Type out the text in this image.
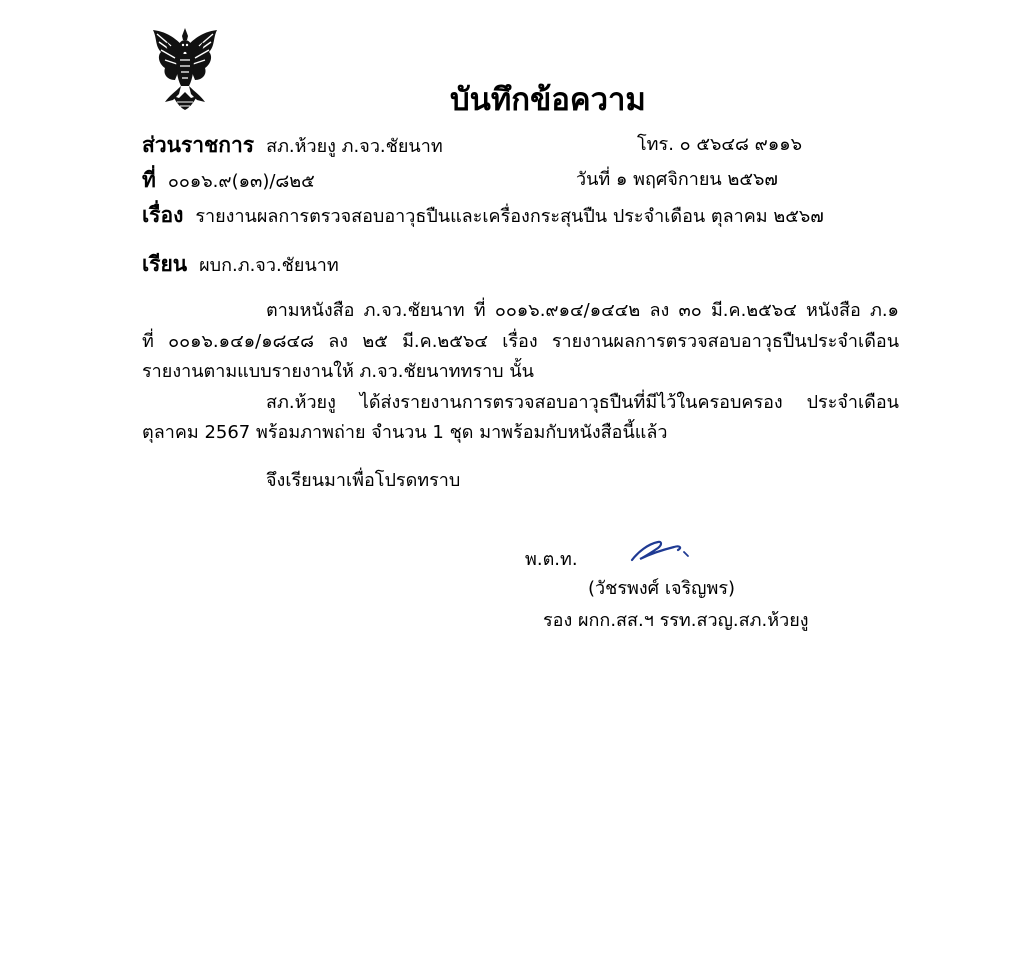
บันทึกข้อความ
ส่วนราชการ สภ.ห้วยงู ภ.จว.ชัยนาท	โทร. ๐ ๕๖๔๘ ๙๑๑๖
ที่ ๐๐๑๖.๙(๑๓)/๘๒๕	วันที่ ๑ พฤศจิกายน ๒๕๖๗
เรื่อง รายงานผลการตรวจสอบอาวุธปืนและเครื่องกระสุนปืน ประจำเดือน ตุลาคม ๒๕๖๗
เรียน ผบก.ภ.จว.ชัยนาท
ตามหนังสือ ภ.จว.ชัยนาท ที่ ๐๐๑๖.๙๑๔/๑๔๔๒ ลง ๓๐ มี.ค.๒๕๖๔ หนังสือ ภ.๑
ที่ ๐๐๑๖.๑๔๑/๑๘๔๘ ลง ๒๕ มี.ค.๒๕๖๔ เรื่อง รายงานผลการตรวจสอบอาวุธปืนประจำเดือน
รายงานตามแบบรายงานให้ ภ.จว.ชัยนาททราบ นั้น
สภ.ห้วยงู ได้ส่งรายงานการตรวจสอบอาวุธปืนที่มีไว้ในครอบครอง ประจำเดือน
ตุลาคม 2567 พร้อมภาพถ่าย จำนวน 1 ชุด มาพร้อมกับหนังสือนี้แล้ว
จึงเรียนมาเพื่อโปรดทราบ
พ.ต.ท.
(วัชรพงศ์ เจริญพร)
รอง ผกก.สส.ฯ รรท.สวญ.สภ.ห้วยงู
